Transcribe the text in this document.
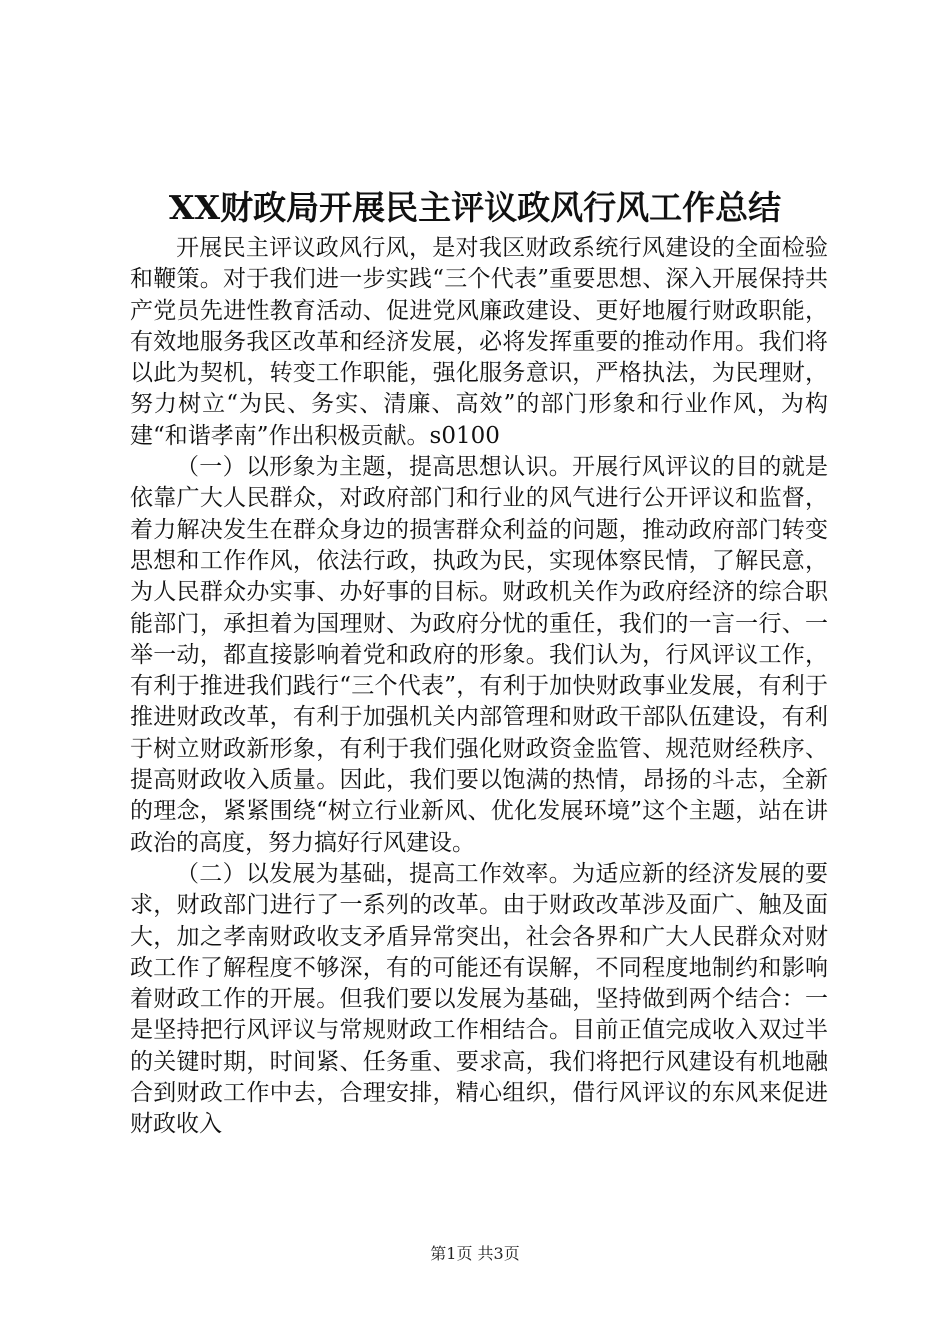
XX财政局开展民主评议政风行风工作总结

开展民主评议政风行风，是对我区财政系统行风建设的全面检验和鞭策。对于我们进一步实践“三个代表”重要思想、深入开展保持共产党员先进性教育活动、促进党风廉政建设、更好地履行财政职能，有效地服务我区改革和经济发展，必将发挥重要的推动作用。我们将以此为契机，转变工作职能，强化服务意识，严格执法，为民理财，努力树立“为民、务实、清廉、高效”的部门形象和行业作风，为构建“和谐孝南”作出积极贡献。s0100

（一）以形象为主题，提高思想认识。开展行风评议的目的就是依靠广大人民群众，对政府部门和行业的风气进行公开评议和监督，着力解决发生在群众身边的损害群众利益的问题，推动政府部门转变思想和工作作风，依法行政，执政为民，实现体察民情，了解民意，为人民群众办实事、办好事的目标。财政机关作为政府经济的综合职能部门，承担着为国理财、为政府分忧的重任，我们的一言一行、一举一动，都直接影响着党和政府的形象。我们认为，行风评议工作，有利于推进我们践行“三个代表”，有利于加快财政事业发展，有利于推进财政改革，有利于加强机关内部管理和财政干部队伍建设，有利于树立财政新形象，有利于我们强化财政资金监管、规范财经秩序、提高财政收入质量。因此，我们要以饱满的热情，昂扬的斗志，全新的理念，紧紧围绕“树立行业新风、优化发展环境”这个主题，站在讲政治的高度，努力搞好行风建设。

（二）以发展为基础，提高工作效率。为适应新的经济发展的要求，财政部门进行了一系列的改革。由于财政改革涉及面广、触及面大，加之孝南财政收支矛盾异常突出，社会各界和广大人民群众对财政工作了解程度不够深，有的可能还有误解，不同程度地制约和影响着财政工作的开展。但我们要以发展为基础，坚持做到两个结合：一是坚持把行风评议与常规财政工作相结合。目前正值完成收入双过半的关键时期，时间紧、任务重、要求高，我们将把行风建设有机地融合到财政工作中去，合理安排，精心组织，借行风评议的东风来促进财政收入

第1页 共3页
